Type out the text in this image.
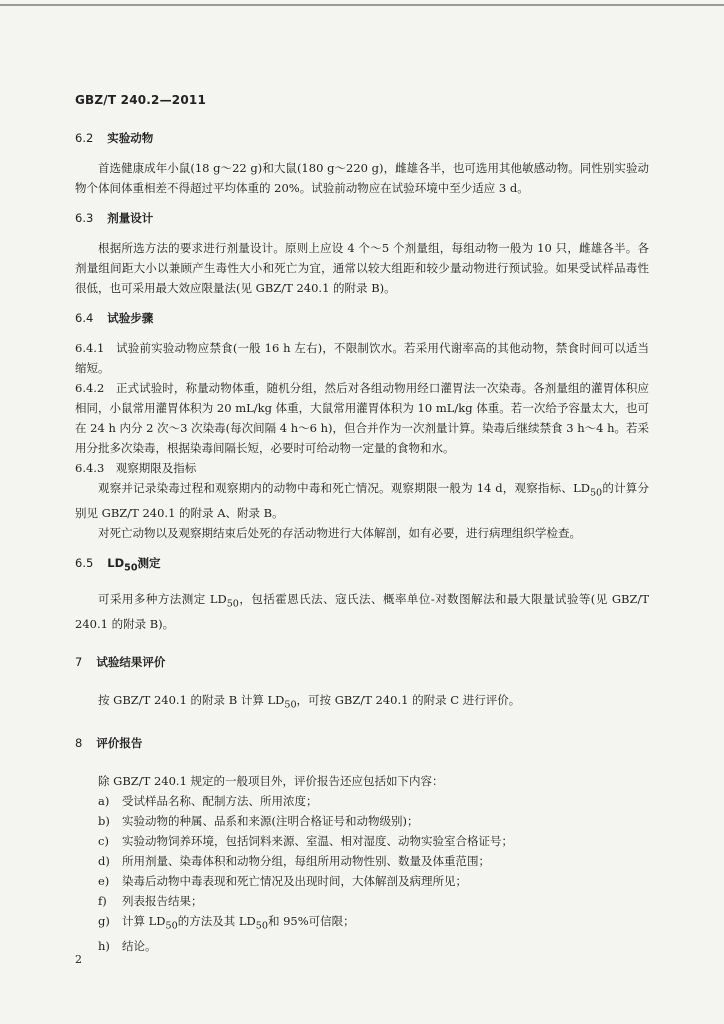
GBZ/T 240.2—2011
6.2 实验动物

首选健康成年小鼠(18 g～22 g)和大鼠(180 g～220 g)，雌雄各半，也可选用其他敏感动物。同性别实验动物个体间体重相差不得超过平均体重的 20%。试验前动物应在试验环境中至少适应 3 d。

6.3 剂量设计

根据所选方法的要求进行剂量设计。原则上应设 4 个～5 个剂量组，每组动物一般为 10 只，雌雄各半。各剂量组间距大小以兼顾产生毒性大小和死亡为宜，通常以较大组距和较少量动物进行预试验。如果受试样品毒性很低，也可采用最大效应限量法(见 GBZ/T 240.1 的附录 B)。

6.4 试验步骤

6.4.1　试验前实验动物应禁食(一般 16 h 左右)，不限制饮水。若采用代谢率高的其他动物，禁食时间可以适当缩短。

6.4.2　正式试验时，称量动物体重，随机分组，然后对各组动物用经口灌胃法一次染毒。各剂量组的灌胃体积应相同，小鼠常用灌胃体积为 20 mL/kg 体重，大鼠常用灌胃体积为 10 mL/kg 体重。若一次给予容量太大，也可在 24 h 内分 2 次～3 次染毒(每次间隔 4 h～6 h)，但合并作为一次剂量计算。染毒后继续禁食 3 h～4 h。若采用分批多次染毒，根据染毒间隔长短，必要时可给动物一定量的食物和水。

6.4.3　观察期限及指标

观察并记录染毒过程和观察期内的动物中毒和死亡情况。观察期限一般为 14 d，观察指标、$LD_{50}$的计算分别见 GBZ/T 240.1 的附录 A、附录 B。

对死亡动物以及观察期结束后处死的存活动物进行大体解剖，如有必要，进行病理组织学检查。

6.5 $LD_{50}$测定

可采用多种方法测定 $LD_{50}$，包括霍恩氏法、寇氏法、概率单位-对数图解法和最大限量试验等(见 GBZ/T 240.1 的附录 B)。

7 试验结果评价

按 GBZ/T 240.1 的附录 B 计算 $LD_{50}$，可按 GBZ/T 240.1 的附录 C 进行评价。

8 评价报告

除 GBZ/T 240.1 规定的一般项目外，评价报告还应包括如下内容：

a) 受试样品名称、配制方法、所用浓度；
b) 实验动物的种属、品系和来源(注明合格证号和动物级别)；
c) 实验动物饲养环境，包括饲料来源、室温、相对湿度、动物实验室合格证号；
d) 所用剂量、染毒体积和动物分组，每组所用动物性别、数量及体重范围；
e) 染毒后动物中毒表现和死亡情况及出现时间，大体解剖及病理所见；
f) 列表报告结果；
g) 计算 $LD_{50}$的方法及其 $LD_{50}$和 95%可信限；
h) 结论。
2
